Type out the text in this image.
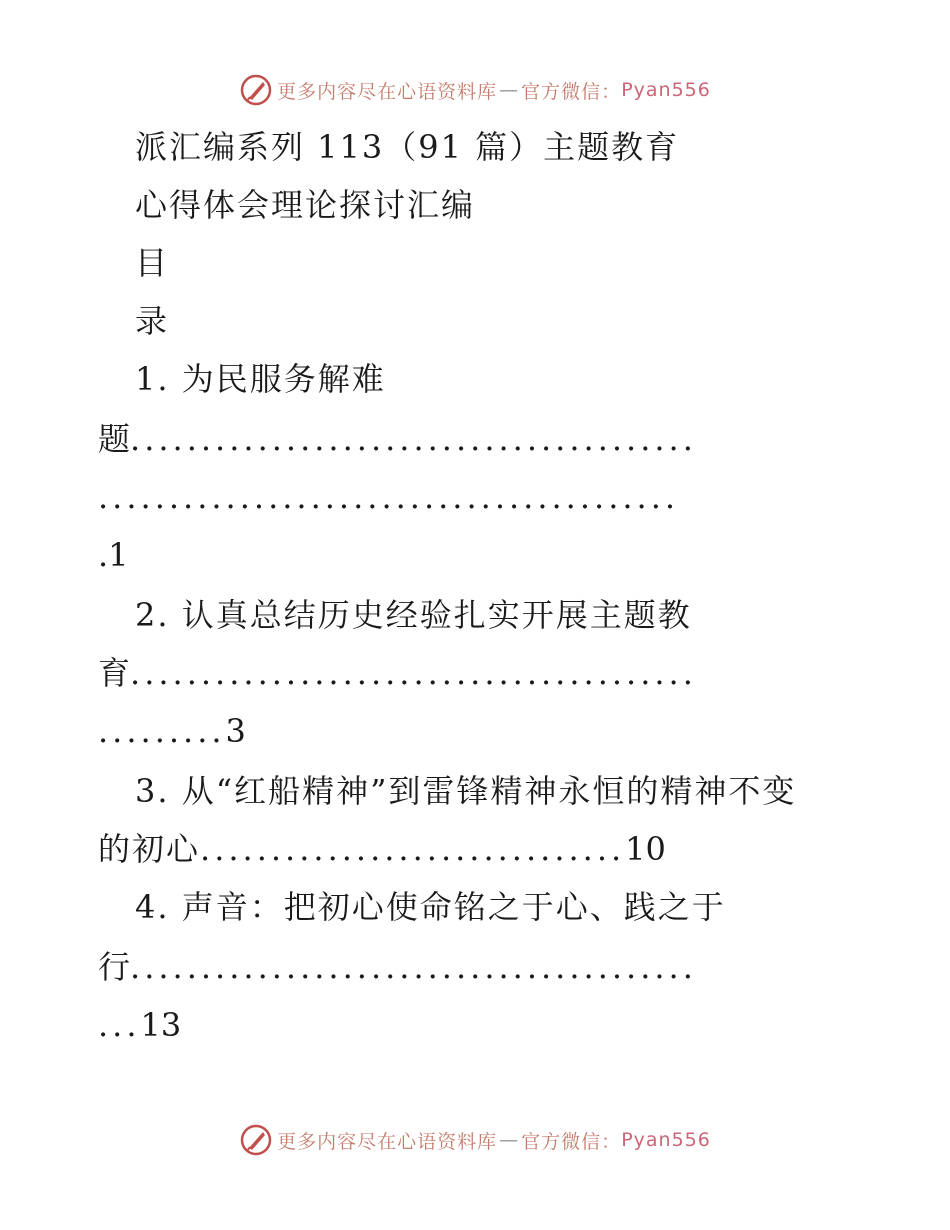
更多内容尽在心语资料库 — 官方微信： Pyan556
派汇编系列 113（91 篇）主题教育
心得体会理论探讨汇编
目
录
1. 为民服务解难
题........................................
.........................................
.1
2. 认真总结历史经验扎实开展主题教
育........................................
.........3
3. 从“红船精神”到雷锋精神永恒的精神不变
的初心..............................10
4. 声音：把初心使命铭之于心、践之于
行........................................
...13
更多内容尽在心语资料库 — 官方微信： Pyan556
